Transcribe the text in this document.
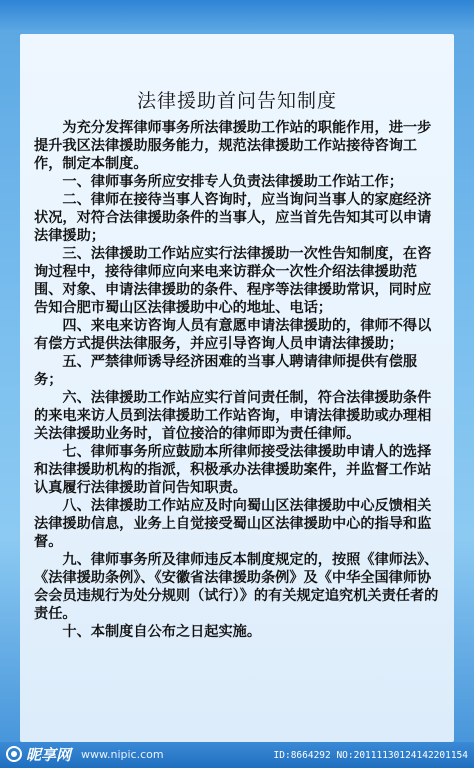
法律援助首问告知制度

为充分发挥律师事务所法律援助工作站的职能作用，进一步提升我区法律援助服务能力，规范法律援助工作站接待咨询工作，制定本制度。

一、律师事务所应安排专人负责法律援助工作站工作；

二、律师在接待当事人咨询时，应当询问当事人的家庭经济状况，对符合法律援助条件的当事人，应当首先告知其可以申请法律援助；

三、法律援助工作站应实行法律援助一次性告知制度，在咨询过程中，接待律师应向来电来访群众一次性介绍法律援助范围、对象、申请法律援助的条件、程序等法律援助常识，同时应告知合肥市蜀山区法律援助中心的地址、电话；

四、来电来访咨询人员有意愿申请法律援助的，律师不得以有偿方式提供法律服务，并应引导咨询人员申请法律援助；

五、严禁律师诱导经济困难的当事人聘请律师提供有偿服务；

六、法律援助工作站应实行首问责任制，符合法律援助条件的来电来访人员到法律援助工作站咨询，申请法律援助或办理相关法律援助业务时，首位接洽的律师即为责任律师。

七、律师事务所应鼓励本所律师接受法律援助申请人的选择和法律援助机构的指派，积极承办法律援助案件，并监督工作站认真履行法律援助首问告知职责。

八、法律援助工作站应及时向蜀山区法律援助中心反馈相关法律援助信息，业务上自觉接受蜀山区法律援助中心的指导和监督。

九、律师事务所及律师违反本制度规定的，按照《律师法》、《法律援助条例》、《安徽省法律援助条例》及《中华全国律师协会会员违规行为处分规则（试行）》的有关规定追究机关责任者的责任。

十、本制度自公布之日起实施。

昵享网 www.nipic.com	ID:8664292 NO:20111130124142201154
